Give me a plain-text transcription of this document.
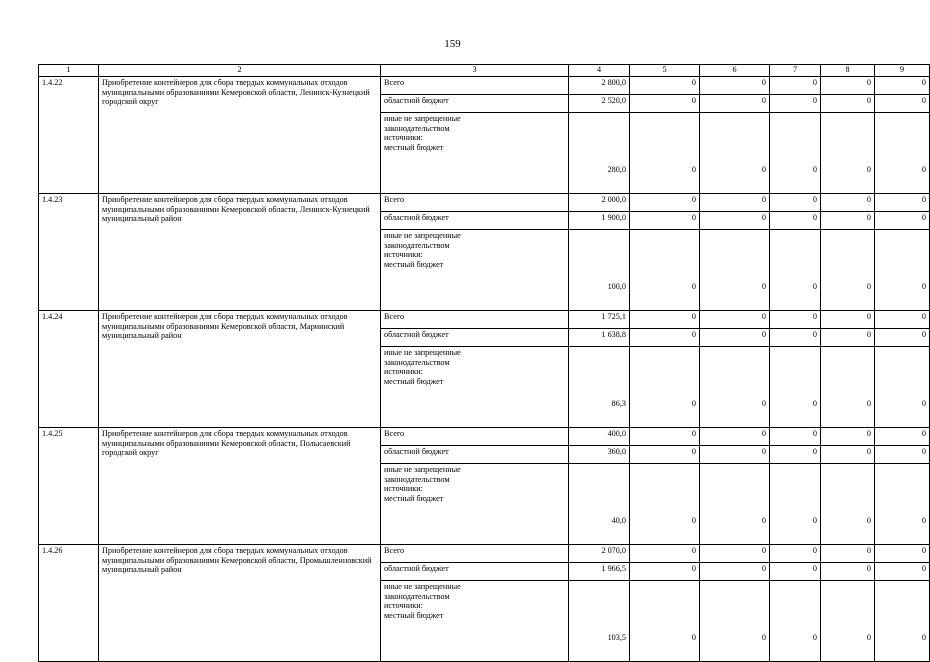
159
1	2	3	4	5	6	7	8	9
1.4.22	Приобретение контейнеров для сбора твердых коммунальных отходов муниципальными образованиями Кемеровской области, Ленинск-Кузнецкий городской округ	Всего	2 800,0	0	0	0	0	0
		областной бюджет	2 520,0	0	0	0	0	0

		иные не запрещенные
законодательством
источники:
местный бюджет	280,0	0	0	0	0	0
1.4.23	Приобретение контейнеров для сбора твердых коммунальных отходов муниципальными образованиями Кемеровской области, Ленинск-Кузнецкий муниципальный район	Всего	2 000,0	0	0	0	0	0
		областной бюджет	1 900,0	0	0	0	0	0

		иные не запрещенные
законодательством
источники:
местный бюджет	100,0	0	0	0	0	0
1.4.24	Приобретение контейнеров для сбора твердых коммунальных отходов муниципальными образованиями Кемеровской области, Мариинский муниципальный район	Всего	1 725,1	0	0	0	0	0
		областной бюджет	1 638,8	0	0	0	0	0

		иные не запрещенные
законодательством
источники:
местный бюджет	86,3	0	0	0	0	0
1.4.25	Приобретение контейнеров для сбора твердых коммунальных отходов муниципальными образованиями Кемеровской области, Полысаевский городской округ	Всего	400,0	0	0	0	0	0
		областной бюджет	360,0	0	0	0	0	0

		иные не запрещенные
законодательством
источники:
местный бюджет	40,0	0	0	0	0	0
1.4.26	Приобретение контейнеров для сбора твердых коммунальных отходов муниципальными образованиями Кемеровской области, Промышленновский муниципальный район	Всего	2 070,0	0	0	0	0	0
		областной бюджет	1 966,5	0	0	0	0	0

		иные не запрещенные
законодательством
источники:
местный бюджет	103,5	0	0	0	0	0
